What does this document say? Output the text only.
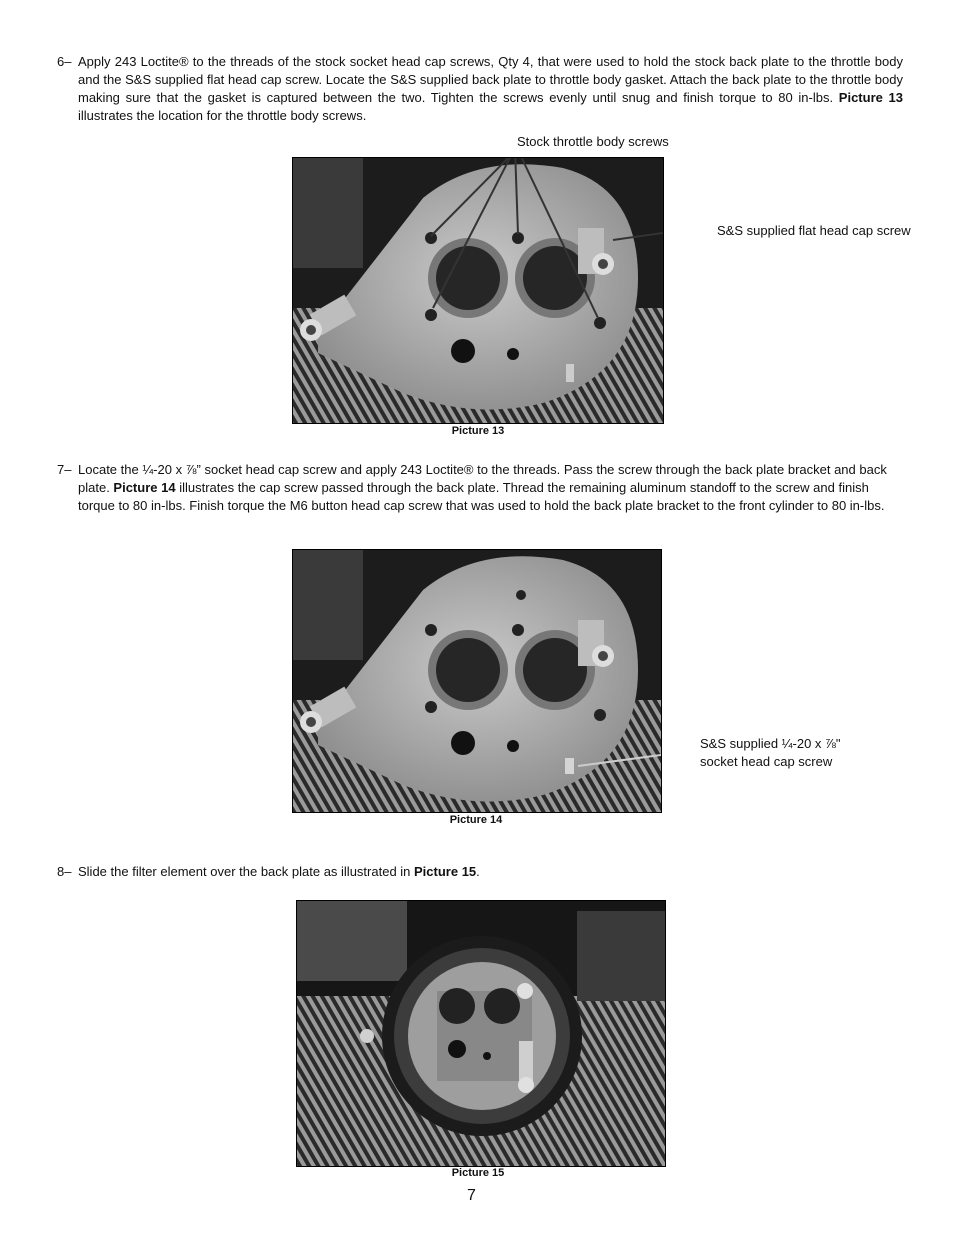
6– Apply 243 Loctite® to the threads of the stock socket head cap screws, Qty 4, that were used to hold the stock back plate to the throttle body and the S&S supplied flat head cap screw. Locate the S&S supplied back plate to throttle body gasket. Attach the back plate to the throttle body making sure that the gasket is captured between the two. Tighten the screws evenly until snug and finish torque to 80 in-lbs. Picture 13 illustrates the location for the throttle body screws.
Stock throttle body screws
S&S supplied flat head cap screw
Picture 13
7– Locate the ¼-20 x ⅞” socket head cap screw and apply 243 Loctite® to the threads. Pass the screw through the back plate bracket and back plate. Picture 14 illustrates the cap screw passed through the back plate. Thread the remaining aluminum standoff to the screw and finish torque to 80 in-lbs. Finish torque the M6 button head cap screw that was used to hold the back plate bracket to the front cylinder to 80 in-lbs.
S&S supplied ¼-20 x ⅞"
socket head cap screw
Picture 14
8– Slide the filter element over the back plate as illustrated in Picture 15.
Picture 15
7
